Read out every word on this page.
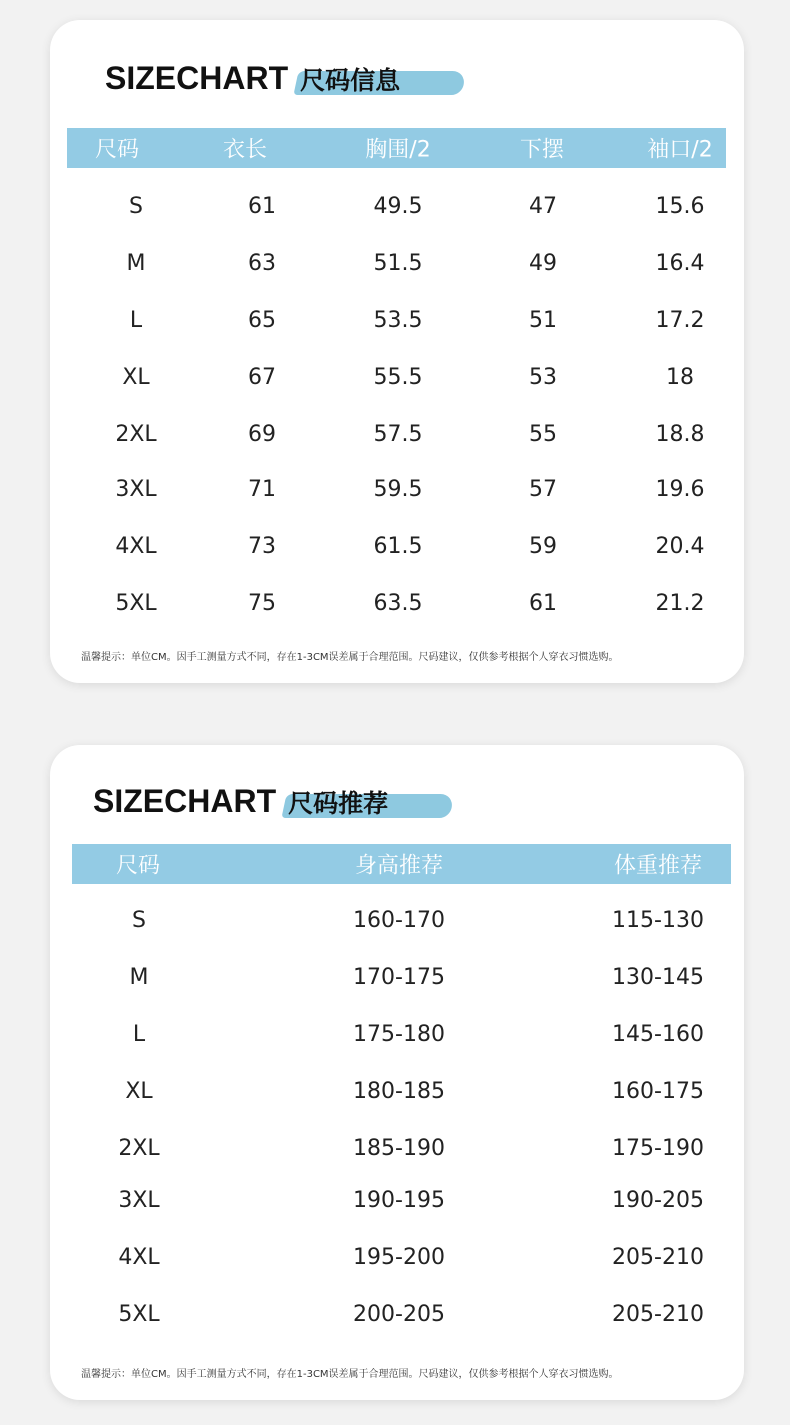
SIZECHART 尺码信息
尺码	衣长	胸围/2	下摆	袖口/2
S	61	49.5	47	15.6
M	63	51.5	49	16.4
L	65	53.5	51	17.2
XL	67	55.5	53	18
2XL	69	57.5	55	18.8
3XL	71	59.5	57	19.6
4XL	73	61.5	59	20.4
5XL	75	63.5	61	21.2
温馨提示：单位CM。因手工测量方式不同，存在1-3CM误差属于合理范围。尺码建议，仅供参考根据个人穿衣习惯选购。
SIZECHART 尺码推荐
尺码	身高推荐	体重推荐
S	160-170	115-130
M	170-175	130-145
L	175-180	145-160
XL	180-185	160-175
2XL	185-190	175-190
3XL	190-195	190-205
4XL	195-200	205-210
5XL	200-205	205-210
温馨提示：单位CM。因手工测量方式不同，存在1-3CM误差属于合理范围。尺码建议，仅供参考根据个人穿衣习惯选购。
